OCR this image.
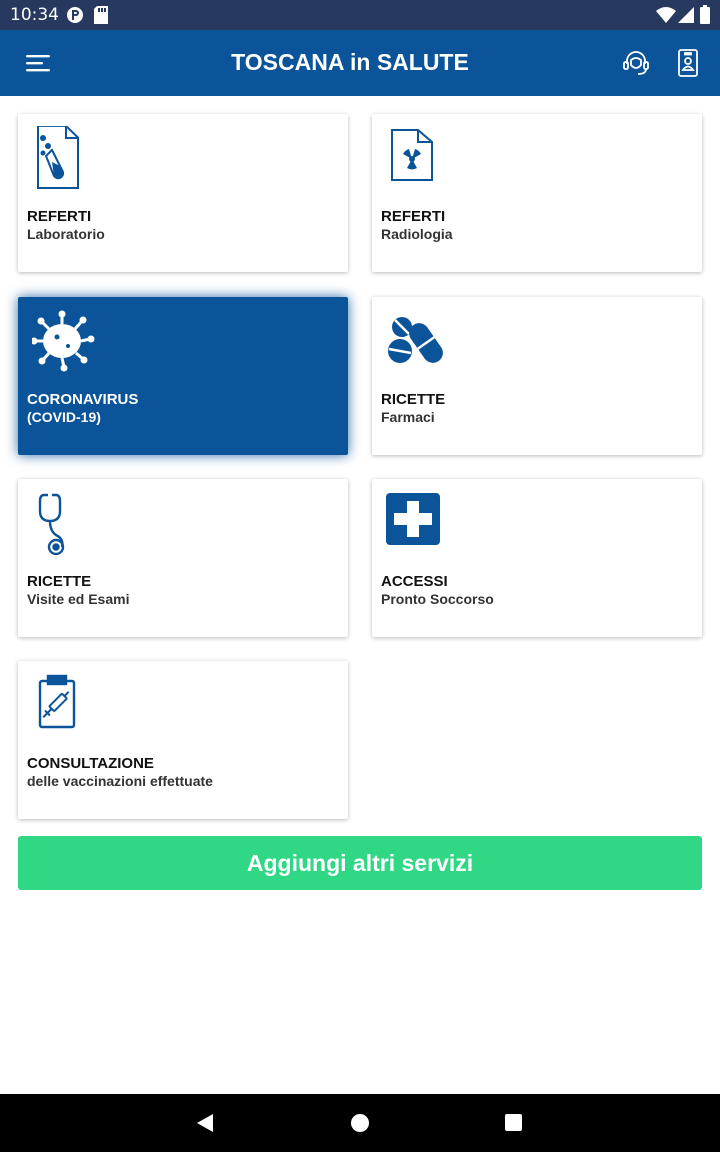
10:34
TOSCANA in SALUTE
REFERTI
Laboratorio
REFERTI
Radiologia
CORONAVIRUS
(COVID-19)
RICETTE
Farmaci
RICETTE
Visite ed Esami
ACCESSI
Pronto Soccorso
CONSULTAZIONE
delle vaccinazioni effettuate
Aggiungi altri servizi
